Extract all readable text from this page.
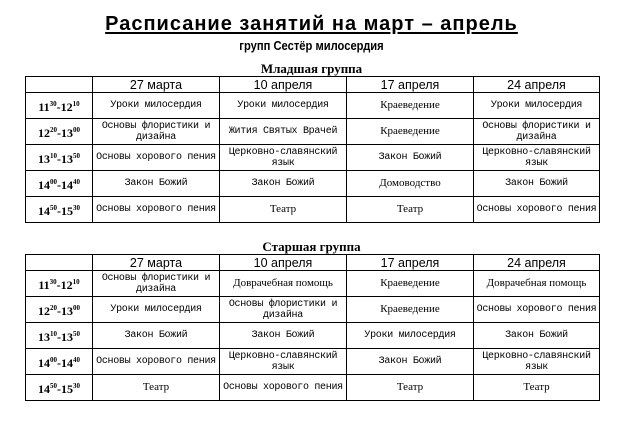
Расписание занятий на март – апрель
групп Сестёр милосердия
Младшая группа
	27 марта	10 апреля	17 апреля	24 апреля
$11^{30}-12^{10}$	Уроки милосердия	Уроки милосердия	Краеведение	Уроки милосердия
$12^{20}-13^{00}$	Основы флористики и дизайна	Жития Святых Врачей	Краеведение	Основы флористики и дизайна
$13^{10}-13^{50}$	Основы хорового пения	Церковно-славянский язык	Закон Божий	Церковно-славянский язык
$14^{00}-14^{40}$	Закон Божий	Закон Божий	Домоводство	Закон Божий
$14^{50}-15^{30}$	Основы хорового пения	Театр	Театр	Основы хорового пения
Старшая группа
	27 марта	10 апреля	17 апреля	24 апреля
$11^{30}-12^{10}$	Основы флористики и дизайна	Доврачебная помощь	Краеведение	Доврачебная помощь
$12^{20}-13^{00}$	Уроки милосердия	Основы флористики и дизайна	Краеведение	Основы хорового пения
$13^{10}-13^{50}$	Закон Божий	Закон Божий	Уроки милосердия	Закон Божий
$14^{00}-14^{40}$	Основы хорового пения	Церковно-славянский язык	Закон Божий	Церковно-славянский язык
$14^{50}-15^{30}$	Театр	Основы хорового пения	Театр	Театр
